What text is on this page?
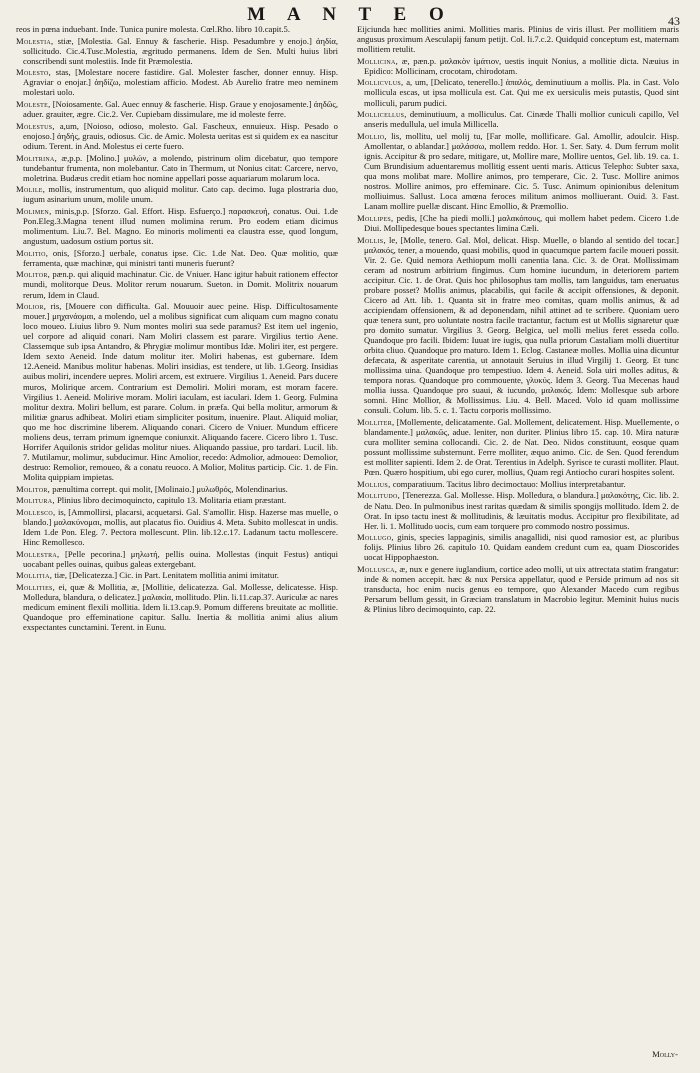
M A N T E O	43

reos in pœna induebant. Inde. Tunica punire molesta. Cœl.Rho. libro 10.capit.5.

Molestia, stiæ, [Molestia. Gal. Ennuy & fascherie. Hisp. Pesadumbre y enojo.] ἀηδία, sollicitudo. Cic.4.Tusc.Molestia, ægritudo permanens. Idem de Sen. Multi huius libri conscribendi sunt molestiis. Inde fit Præmolestia.

Molesto, stas, [Molestare nocere fastidire. Gal. Molester fascher, donner ennuy. Hisp. Agraviar o enojar.] ἀηδίζω, molestiam afficio. Modest. Ab Aurelio fratre meo neminem molestari uolo.

Moleste, [Noiosamente. Gal. Auec ennuy & fascherie. Hisp. Graue y enojosamente.] ἀηδῶς, aduer. grauiter, ægre. Cic.2. Ver. Cupiebam dissimulare, me id moleste ferre.

Molestus, a,um, [Noioso, odioso, molesto. Gal. Fascheux, ennuieux. Hisp. Pesado o enojoso.] ἀηδής, grauis, odiosus. Cic. de Amic. Molesta ueritas est si quidem ex ea nascitur odium. Terent. in And. Molestus ei certe fuero.

Molitrina, æ,p.p. [Molino.] μυλών, a molendo, pistrinum olim dicebatur, quo tempore tundebantur frumenta, non molebantur. Cato in Thermum, ut Nonius citat: Carcere, nervo, moletrina. Budæus credit etiam hoc nomine appellari posse aquariarum molarum loca.

Molile, mollis, instrumentum, quo aliquid molitur. Cato cap. decimo. Iuga plostraria duo, iugum asinarium unum, molile unum.

Molimen, minis,p.p. [Sforzo. Gal. Effort. Hisp. Esfuerço.] παρασκευή, conatus. Oui. 1.de Pon.Eleg.3.Magna tenent illud numen molimina rerum. Pro eodem etiam dicimus molimentum. Liu.7. Bel. Magno. Eo minoris molimenti ea claustra esse, quod longum, angustum, uadosum ostium portus sit.

Molitio, onis, [Sforzo.] uerbale, conatus ipse. Cic. 1.de Nat. Deo. Quæ molitio, quæ ferramenta, quæ machinæ, qui ministri tanti muneris fuerunt?

Molitor, pæn.p. qui aliquid machinatur. Cic. de Vniuer. Hanc igitur habuit rationem effector mundi, molitorque Deus. Molitor rerum nouarum. Sueton. in Domit. Molitrix nouarum rerum, Idem in Claud.

Molior, ris, [Mouere con difficulta. Gal. Mouuoir auec peine. Hisp. Difficultosamente mouer.] μηχανάομαι, a molendo, uel a molibus significat cum aliquam cum magno conatu loco moueo. Liuius libro 9. Num montes moliri sua sede paramus? Est item uel ingenio, uel corpore ad aliquid conari. Nam Moliri classem est parare. Virgilius tertio Aene. Classemque sub ipsa Antandro, & Phrygiæ molimur montibus Idæ. Moliri iter, est pergere. Idem sexto Aeneid. Inde datum molitur iter. Moliri habenas, est gubernare. Idem 12.Aeneid. Manibus molitur habenas. Moliri insidias, est tendere, ut lib. 1.Georg. Insidias auibus moliri, incendere uepres. Moliri arcem, est extruere. Virgilius 1. Aeneid. Pars ducere muros, Molirique arcem. Contrarium est Demoliri. Moliri moram, est moram facere. Virgilius 1. Aeneid. Molirive moram. Moliri iaculam, est iaculari. Idem 1. Georg. Fulmina molitur dextra. Moliri bellum, est parare. Colum. in præfa. Qui bella molitur, armorum & militiæ gnarus adhibeat. Moliri etiam simpliciter positum, inuenire. Plaut. Aliquid moliar, quo me hoc discrimine liberem. Aliquando conari. Cicero de Vniuer. Mundum efficere moliens deus, terram primum ignemque coniunxit. Aliquando facere. Cicero libro 1. Tusc. Horrifer Aquilonis stridor gelidas molitur niues. Aliquando passiue, pro tardari. Lucil. lib. 7. Mutilamur, molimur, subducimur. Hinc Amolior, recedo: Admolior, admoueo: Demolior, destruo: Remolior, remoueo, & a conatu reuoco. A Molior, Molitus particip. Cic. 1. de Fin. Molita quippiam impietas.

Molitor, pænultima corrept. qui molit, [Molinaio.] μυλωθρός, Molendinarius.

Molitura, Plinius libro decimoquincto, capitulo 13. Molitaria etiam præstant.

Mollesco, is, [Ammollirsi, placarsi, acquetarsi. Gal. S'amollir. Hisp. Hazerse mas muelle, o blando.] μαλακύνομαι, mollis, aut placatus fio. Ouidius 4. Meta. Subito mollescat in undis. Idem 1.de Pon. Eleg. 7. Pectora mollescunt. Plin. lib.12.c.17. Ladanum tactu mollescere. Hinc Remollesco.

Mollestra, [Pelle pecorina.] μηλωτή, pellis ouina. Mollestas (inquit Festus) antiqui uocabant pelles ouinas, quibus galeas extergebant.

Mollitia, tiæ, [Delicatezza.] Cic. in Part. Lenitatem mollitia animi imitatur.

Mollities, ei, quæ & Mollitia, æ, [Mollitie, delicatezza. Gal. Mollesse, delicatesse. Hisp. Molledura, blandura, o delicatez.] μαλακία, mollitudo. Plin. li.11.cap.37. Auriculæ ac nares medicum eminent flexili mollitia. Idem li.13.cap.9. Pomum differens breuitate ac mollitie. Quandoque pro effeminatione capitur. Sallu. Inertia & mollitia animi alius alium exspectantes cunctamini. Terent. in Eunu.

Eijciunda hæc mollities animi. Mollities maris. Plinius de viris illust. Per mollitiem maris angusus proximum Aesculapij fanum petijt. Col. li.7.c.2. Quidquid conceptum est, maternam mollitiem retulit.

Mollicina, æ, pæn.p. μαλακὸν ἱμάτιον, uestis inquit Nonius, a mollitie dicta. Næuius in Epidico: Mollicinam, crocotam, chirodotam.

Mollicvlus, a, um, [Delicato, tenerello.] ἁπαλός, deminutiuum a mollis. Pla. in Cast. Volo mollicula escas, ut ipsa mollicula est. Cat. Qui me ex uersiculis meis putastis, Quod sint molliculi, parum pudici.

Mollicellus, deminutiuum, a molliculus. Cat. Cinæde Thalli mollior cuniculi capillo, Vel anseris medullula, uel imula Millicella.

Mollio, lis, mollitu, uel molij tu, [Far molle, mollificare. Gal. Amollir, adoulcir. Hisp. Amollentar, o ablandar.] μαλάσσω, mollem reddo. Hor. 1. Ser. Saty. 4. Dum ferrum molit ignis. Accipitur & pro sedare, mitigare, ut, Mollire mare, Mollire uentos, Gel. lib. 19. ca. 1. Cum Brundisium aduentaremus mollitig essent uenti maris. Atticus Telepho: Subter saxa, qua mons molibat mare. Mollire animos, pro temperare, Cic. 2. Tusc. Mollire animos nostros. Mollire animos, pro effeminare. Cic. 5. Tusc. Animum opinionibus delenitum molliuimus. Sallust. Loca amœna feroces militum animos molliuerant. Ouid. 3. Fast. Lanam mollire puellæ discant. Hinc Emollio, & Præmollio.

Mollipes, pedis, [Che ha piedi molli.] μαλακόπους, qui mollem habet pedem. Cicero 1.de Diui. Mollipedesque boues spectantes limina Cæli.

Mollis, le, [Molle, tenero. Gal. Mol, delicat. Hisp. Muelle, o blando al sentido del tocar.] μαλακός, tener, a mouendo, quasi mobilis, quod in quacumque partem facile moueri possit. Vir. 2. Ge. Quid nemora Aethiopum molli canentia lana. Cic. 3. de Orat. Mollissimam ceram ad nostrum arbitrium fingimus. Cum homine iucundum, in deteriorem partem accipitur. Cic. 1. de Orat. Quis hoc philosophus tam mollis, tam languidus, tam eneruatus probare posset? Mollis animus, placabilis, qui facile & accipit offensiones, & deponit. Cicero ad Att. lib. 1. Quanta sit in fratre meo comitas, quam mollis animus, & ad accipiendam offensionem, & ad deponendam, nihil attinet ad te scribere. Quoniam uero quæ tenera sunt, pro uoluntate nostra facile tractantur, factum est ut Mollis signaretur quæ pro domito sumatur. Virgilius 3. Georg. Belgica, uel molli melius feret esseda collo. Quandoque pro facili. Ibidem: Iuuat ire iugis, qua nulla priorum Castaliam molli diuertitur orbita cliuo. Quandoque pro maturo. Idem 1. Eclog. Castaneæ molles. Mollia uina dicuntur defæcata, & asperitate carentia, ut annotauit Seruius in illud Virgilij 1. Georg. Et tunc mollissima uina. Quandoque pro tempestiuo. Idem 4. Aeneid. Sola uiri molles aditus, & tempora noras. Quandoque pro commouente, γλυκύς. Idem 3. Georg. Tua Mecenas haud mollia iussa. Quandoque pro suaui, & iucundo, μαλακός. Idem: Mollesque sub arbore somni. Hinc Mollior, & Mollissimus. Liu. 4. Bell. Maced. Volo id quam mollissime consuli. Colum. lib. 5. c. 1. Tactu corporis mollissimo.

Molliter, [Mollemente, delicatamente. Gal. Mollement, delicatement. Hisp. Muellemente, o blandamente.] μαλακῶς, adue. leniter, non duriter. Plinius libro 15. cap. 10. Mira naturæ cura molliter semina collocandi. Cic. 2. de Nat. Deo. Nidos constituunt, eosque quam possunt mollissime substernunt. Ferre molliter, æquo animo. Cic. de Sen. Quod ferendum est molliter sapienti. Idem 2. de Orat. Terentius in Adelph. Syrisce te curasti molliter. Plaut. Pœn. Quæro hospitium, ubi ego curer, mollius, Quam regi Antiocho curari hospites solent.

Mollius, comparatiuum. Tacitus libro decimoctauo: Mollius interpretabantur.

Mollitudo, [Tenerezza. Gal. Mollesse. Hisp. Molledura, o blandura.] μαλακότης, Cic. lib. 2. de Natu. Deo. In pulmonibus inest raritas quædam & similis spongijs mollitudo. Idem 2. de Orat. In ipso tactu inest & mollitudinis, & læuitatis modus. Accipitur pro flexibilitate, ad Her. li. 1. Mollitudo uocis, cum eam torquere pro commodo nostro possimus.

Mollugo, ginis, species lappaginis, similis anagallidi, nisi quod ramosior est, ac pluribus folijs. Plinius libro 26. capitulo 10. Quidam eandem credunt cum ea, quam Dioscorides uocat Hippophaeston.

Mollusca, æ, nux e genere iuglandium, cortice adeo molli, ut uix attrectata statim frangatur: inde & nomen accepit. hæc & nux Persica appellatur, quod e Perside primum ad nos sit transducta, hoc enim nucis genus eo tempore, quo Alexander Macedo cum regibus Persarum bellum gessit, in Græciam translatum in Macrobio legitur. Meminit huius nucis & Plinius libro decimoquinto, cap. 22.

Molly-
